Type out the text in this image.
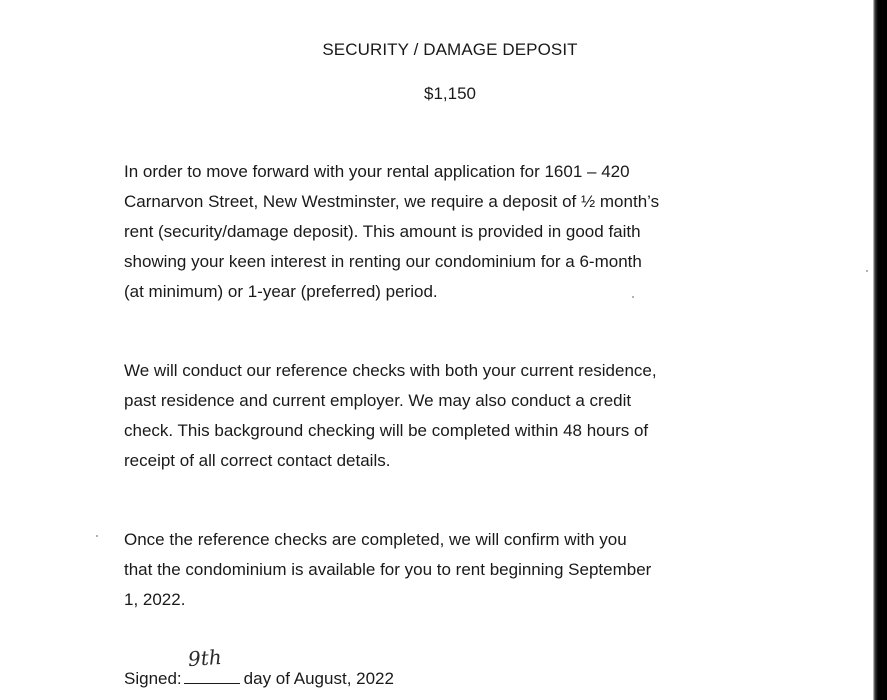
SECURITY / DAMAGE DEPOSIT
$1,150

In order to move forward with your rental application for 1601 – 420
Carnarvon Street, New Westminster, we require a deposit of ½ month’s
rent (security/damage deposit). This amount is provided in good faith
showing your keen interest in renting our condominium for a 6-month
(at minimum) or 1-year (preferred) period.

We will conduct our reference checks with both your current residence,
past residence and current employer. We may also conduct a credit
check. This background checking will be completed within 48 hours of
receipt of all correct contact details.

Once the reference checks are completed, we will confirm with you
that the condominium is available for you to rent beginning September
1, 2022.

Signed:
9th
day of August, 2022
